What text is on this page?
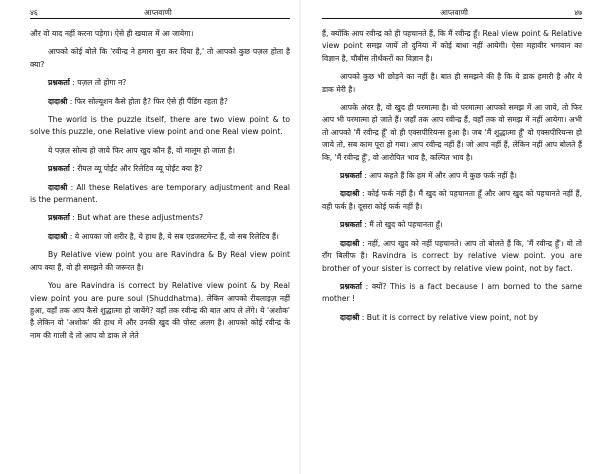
४६	आप्तवाणी

और वो याद नहीं करना पड़ेगा। ऐसे ही खयाल में आ जायेगा।

आपको कोई बोले कि 'रवीन्द्र ने हमारा बुरा कर दिया है,' तो आपको कुछ पज़ल होता है क्या?

प्रश्नकर्ता : पज़ल तो होगा न?

दादाश्री : फिर सोल्यूशन कैसे होता है? फिर ऐसे ही पैंडिंग रहता है?

The world is the puzzle itself, there are two view point & to solve this puzzle, one Relative view point and one Real view point.

ये पज़ल सोल्व हो जाये फिर आप खुद कौन हैं, वो मालूम हो जाता है।

प्रश्नकर्ता : रीयल व्यू पोईंट और रिलेटिव व्यू पोईंट क्या है?

दादाश्री : All these Relatives are temporary adjustment and Real is the permanent.

प्रश्नकर्ता : But what are these adjustments?

दादाश्री : ये आपका जो शरीर है, ये हाथ है, ये सब एडजस्टमेन्ट हैं, वो सब रिलेटिव हैं।

By Relative view point you are Ravindra & By Real view point आप क्या हैं, वो ही समझने की जरूरत है।

You are Ravindra is correct by Relative view point & by Real view point you are pure soul (Shuddhatma). लेकिन आपको रीयलाइज़ नहीं हुआ, वहाँ तक आप कैसे शुद्धात्मा हो जायेंगे? वहाँ तक रवीन्द्र की बात आप ले लेंगे। ये 'अशोक' है लेकिन वो 'अशोक' की हाथ में और उनकी खुद की पोस्ट अलग है। आपको कोई रवीन्द्र के नाम की गाली दे तो आप वो डाक ले लेते

आप्तवाणी	४७

हैं, क्योंकि आप रवीन्द्र को ही पहचानते हैं, कि मैं रवीन्द्र हूँ। Real view point & Relative view point समझ जायें तो दुनिया में कोई बाधा नहीं आयेगी। ऐसा महावीर भगवान का विज्ञान है, चौबीस तीर्थंकरों का विज्ञान है।

आपको कुछ भी छोड़ने का नहीं है। बात ही समझने की है कि ये डाक हमारी है और ये डाक मेरी है।

आपके अंदर है, वो खुद ही परमात्मा है। वो परमात्मा आपको समझ में आ जाये, तो फिर आप भी परमात्मा हो जाते हैं। जहाँ तक आप रवीन्द्र हैं, वहाँ तक वो समझ में नहीं आयेगा। अभी तो आपको 'मैं रवीन्द्र हूँ' वो ही एक्सपीरियन्स हुआ है। जब 'मैं शुद्धात्मा हूँ' वो एक्सपीरियन्स हो जाये तो, सब काम पूरा हो गया। आप रवीन्द्र नहीं हैं। जो आप नहीं हैं, लेकिन नहीं आप बोलते हैं कि, 'मैं रवीन्द्र हूँ', वो आरोपित भाव है, कल्पित भाव है।

प्रश्नकर्ता : आप कहते हैं कि हम में और आप में कुछ फर्क नहीं है।

दादाश्री : कोई फर्क नहीं है। मैं खुद को पहचानता हूँ और आप खुद को पहचानते नहीं हैं, वही फर्क है। दूसरा कोई फर्क नहीं है।

प्रश्नकर्ता : मैं तो खुद को पहचानता हूँ।

दादाश्री : नहीं, आप खुद को नहीं पहचानते। आप तो बोलते हैं कि, 'मैं रवीन्द्र हूँ'। वो तो रॉंग बिलीफ है। Ravindra is correct by relative view point. you are brother of your sister is correct by relative view point, not by fact.

प्रश्नकर्ता : क्यों? This is a fact because I am borned to the same mother !

दादाश्री : But it is correct by relative view point, not by
